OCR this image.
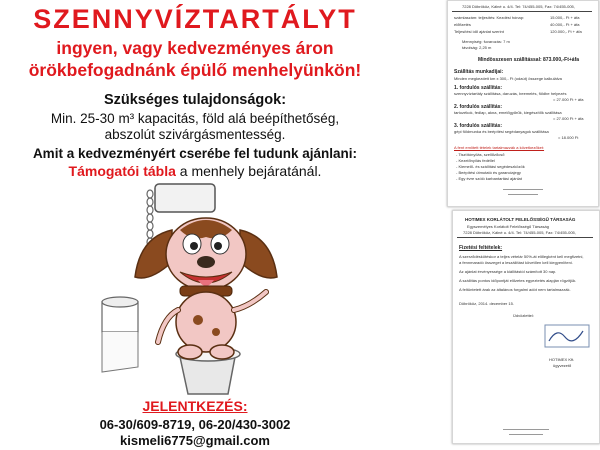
SZENNYVÍZTARTÁLYT
ingyen, vagy kedvezményes áron
örökbefogadnánk épülő menhelyünkön!
Szükséges tulajdonságok:
Min. 25-30 m³ kapacitás, föld alá beépíthetőség,
abszolút szivárgásmentesség.
Amit a kedvezményért cserébe fel tudunk ajánlani:
Támogatói tábla a menhely bejáratánál.
JELENTKEZÉS:
06-30/609-8719, 06-20/430-3002
kismeli6775@gmail.com
7228 Döbrököz, Kálné u. 4/4. Tel: 74/455-005, Fax: 74/455-005,
számlaszám: teljesítés: Kezdési hónap:	15.000,- Ft + áfa
előfizetés	40.000,- Ft + áfa
Teljesítési idő ajánlat szerint	120.000,- Ft + áfa
Mennyiség: fuvarozás: 7 m
távolság: 2,25 m
Mindösszesen szállítással: 873.000,-Ft+áfa
Szállítás munkadíjai:
Minden megkezdett km x 300,- Ft (odaút) összege kalkulálva
1. fordulós szállítás:
szennyvíztartály szállítása, daruzás, beemelés, földbe helyezés
= 27.000 Ft + áfa
2. fordulós szállítás:
tartozékok, fedlap, akna, emelőgyűrűk, kiegészítők szállítása
= 27.000 Ft + áfa
3. fordulós szállítás:
gépi földmunka és beépítési segédanyagok szállítása
= 18.000 Ft
A fent említett tételek tartalmazzák a következőket:
- Tisztítónyílás, szellőzőcső
- Kezelőnyílás fedéllel
- Kiemelő- és szállítási segédeszközök
- Beépítési útmutató és garanciajegy
- Egy évre szóló karbantartási ajánlat
HOTIMEX KORLÁTOLT FELELŐSSÉGŰ TÁRSASÁG
Egyszemélyes Korlátolt Felelősségű Társaság
7228 Döbrököz, Kálné u. 4/4. Tel: 74/455-005, Fax: 74/455-005,
Fizetési feltételek:
A szerződéskötéskor a teljes vételár 50%-át előlegként kell megfizetni,
a fennmaradó összeget a leszállítást követően kell kiegyenlíteni.
Az ajánlat érvényessége a kiállítástól számított 30 nap.
A szállítás pontos időpontját előzetes egyeztetés alapján rögzítjük.
A feltüntetett árak az általános forgalmi adót nem tartalmazzák.
Döbrököz, 2014. december 15.
Üdvözlettel:
HOTIMEX Kft.
ügyvezető
